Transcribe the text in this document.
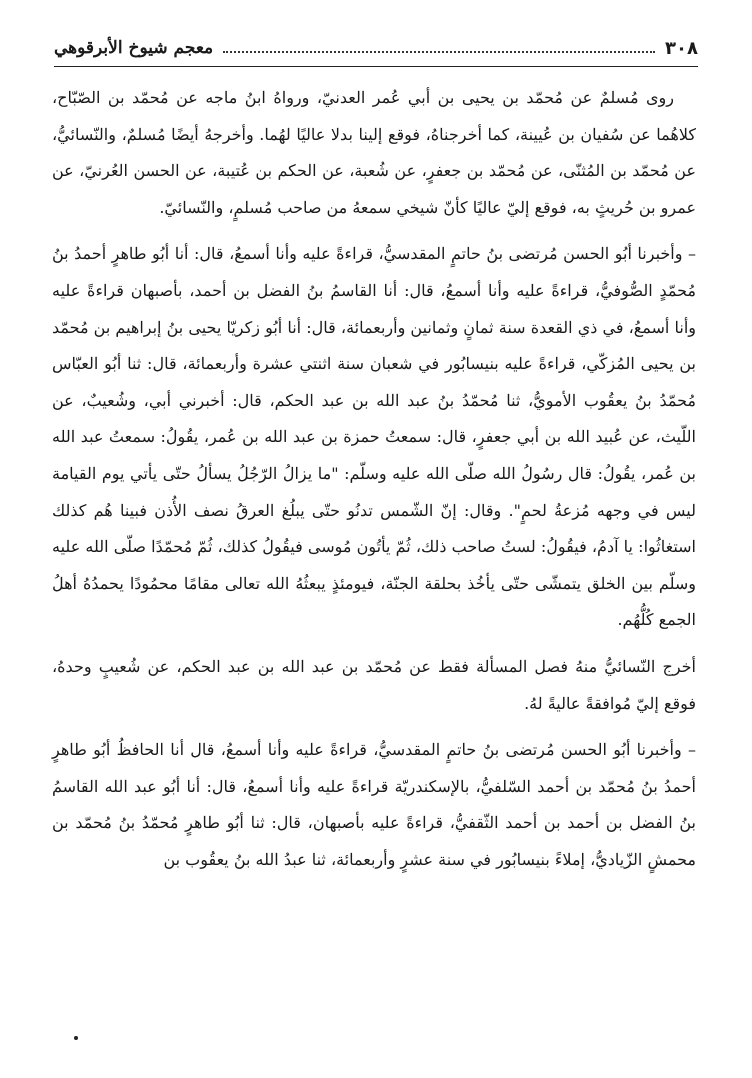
٣٠٨
معجم شيوخ الأبرقوهي

روى مُسلمٌ عن مُحمّد بن يحيى بن أبي عُمر العدنيّ، ورواهُ ابنُ ماجه عن مُحمّد بن الصّبّاح، كلاهُما عن سُفيان بن عُيينة، كما أخرجناهُ، فوقع إلينا بدلا عاليًا لهُما. وأخرجهُ أيضًا مُسلمٌ، والنّسائيُّ، عن مُحمّد بن المُثنّى، عن مُحمّد بن جعفرٍ، عن شُعبة، عن الحكم بن عُتيبة، عن الحسن العُرنيّ، عن عمرو بن حُريثٍ به، فوقع إليّ عاليًا كأنّ شيخي سمعهُ من صاحب مُسلمٍ، والنّسائيّ.

– وأخبرنا أبُو الحسن مُرتضى بنُ حاتمٍ المقدسيُّ، قراءةً عليه وأنا أسمعُ، قال: أنا أبُو طاهرٍ أحمدُ بنُ مُحمّدٍ الصُّوفيُّ، قراءةً عليه وأنا أسمعُ، قال: أنا القاسمُ بنُ الفضل بن أحمد، بأصبهان قراءةً عليه وأنا أسمعُ، في ذي القعدة سنة ثمانٍ وثمانين وأربعمائة، قال: أنا أبُو زكريّا يحيى بنُ إبراهيم بن مُحمّد بن يحيى المُزكّي، قراءةً عليه بنيسابُور في شعبان سنة اثنتي عشرة وأربعمائة، قال: ثنا أبُو العبّاس مُحمّدُ بنُ يعقُوب الأمويُّ، ثنا مُحمّدُ بنُ عبد الله بن عبد الحكم، قال: أخبرني أبي، وشُعيبٌ، عن اللّيث، عن عُبيد الله بن أبي جعفرٍ، قال: سمعتُ حمزة بن عبد الله بن عُمر، يقُولُ: سمعتُ عبد الله بن عُمر، يقُولُ: قال رسُولُ الله صلّى الله عليه وسلّم: "ما يزالُ الرّجُلُ يسألُ حتّى يأتي يوم القيامة ليس في وجهه مُزعةُ لحمٍ". وقال: إنّ الشّمس تدنُو حتّى يبلُغ العرقُ نصف الأُذن فبينا هُم كذلك استغاثُوا: يا آدمُ، فيقُولُ: لستُ صاحب ذلك، ثُمّ يأتُون مُوسى فيقُولُ كذلك، ثُمّ مُحمّدًا صلّى الله عليه وسلّم بين الخلق يتمشّى حتّى يأخُذ بحلقة الجنّة، فيومئذٍ يبعثُهُ الله تعالى مقامًا محمُودًا يحمدُهُ أهلُ الجمع كُلُّهُم.

أخرج النّسائيُّ منهُ فصل المسألة فقط عن مُحمّد بن عبد الله بن عبد الحكم، عن شُعيبٍ وحدهُ، فوقع إليّ مُوافقةً عاليةً لهُ.

– وأخبرنا أبُو الحسن مُرتضى بنُ حاتمٍ المقدسيُّ، قراءةً عليه وأنا أسمعُ، قال أنا الحافظُ أبُو طاهرٍ أحمدُ بنُ مُحمّد بن أحمد السّلفيُّ، بالإسكندريّة قراءةً عليه وأنا أسمعُ، قال: أنا أبُو عبد الله القاسمُ بنُ الفضل بن أحمد بن أحمد الثّقفيُّ، قراءةً عليه بأصبهان، قال: ثنا أبُو طاهرٍ مُحمّدُ بنُ مُحمّد بن محمشٍ الزّياديُّ، إملاءً بنيسابُور في سنة عشرٍ وأربعمائة، ثنا عبدُ الله بنُ يعقُوب بن
